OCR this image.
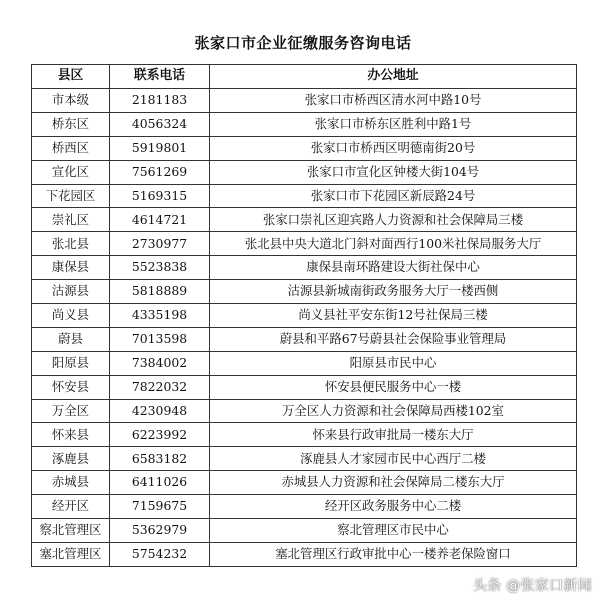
张家口市企业征缴服务咨询电话
县区	联系电话	办公地址
市本级	2181183	张家口市桥西区清水河中路10号
桥东区	4056324	张家口市桥东区胜利中路1号
桥西区	5919801	张家口市桥西区明德南街20号
宣化区	7561269	张家口市宣化区钟楼大街104号
下花园区	5169315	张家口市下花园区新辰路24号
崇礼区	4614721	张家口崇礼区迎宾路人力资源和社会保障局三楼
张北县	2730977	张北县中央大道北门斜对面西行100米社保局服务大厅
康保县	5523838	康保县南环路建设大街社保中心
沽源县	5818889	沽源县新城南街政务服务大厅一楼西侧
尚义县	4335198	尚义县社平安东街12号社保局三楼
蔚县	7013598	蔚县和平路67号蔚县社会保险事业管理局
阳原县	7384002	阳原县市民中心
怀安县	7822032	怀安县便民服务中心一楼
万全区	4230948	万全区人力资源和社会保障局西楼102室
怀来县	6223992	怀来县行政审批局一楼东大厅
涿鹿县	6583182	涿鹿县人才家园市民中心西厅二楼
赤城县	6411026	赤城县人力资源和社会保障局二楼东大厅
经开区	7159675	经开区政务服务中心二楼
察北管理区	5362979	察北管理区市民中心
塞北管理区	5754232	塞北管理区行政审批中心一楼养老保险窗口
头条 @张家口新闻
